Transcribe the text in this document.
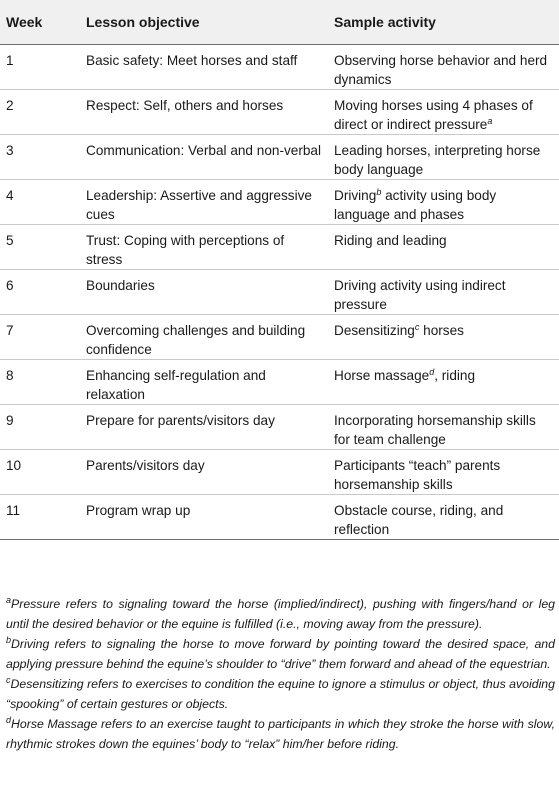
Week	Lesson objective	Sample activity
1	Basic safety: Meet horses and staff	Observing horse behavior and herd dynamics
2	Respect: Self, others and horses	Moving horses using 4 phases of direct or indirect pressure$^a$
3	Communication: Verbal and non-verbal	Leading horses, interpreting horse body language
4	Leadership: Assertive and aggressive cues	Driving$^b$ activity using body language and phases
5	Trust: Coping with perceptions of stress	Riding and leading
6	Boundaries	Driving activity using indirect pressure
7	Overcoming challenges and building confidence	Desensitizing$^c$ horses
8	Enhancing self-regulation and relaxation	Horse massage$^d$, riding
9	Prepare for parents/visitors day	Incorporating horsemanship skills for team challenge
10	Parents/visitors day	Participants “teach” parents horsemanship skills
11	Program wrap up	Obstacle course, riding, and reflection

$^a$Pressure refers to signaling toward the horse (implied/indirect), pushing with fingers/hand or leg until the desired behavior or the equine is fulfilled (i.e., moving away from the pressure).

$^b$Driving refers to signaling the horse to move forward by pointing toward the desired space, and applying pressure behind the equine’s shoulder to “drive” them forward and ahead of the equestrian.

$^c$Desensitizing refers to exercises to condition the equine to ignore a stimulus or object, thus avoiding “spooking” of certain gestures or objects.

$^d$Horse Massage refers to an exercise taught to participants in which they stroke the horse with slow, rhythmic strokes down the equines’ body to “relax” him/her before riding.
